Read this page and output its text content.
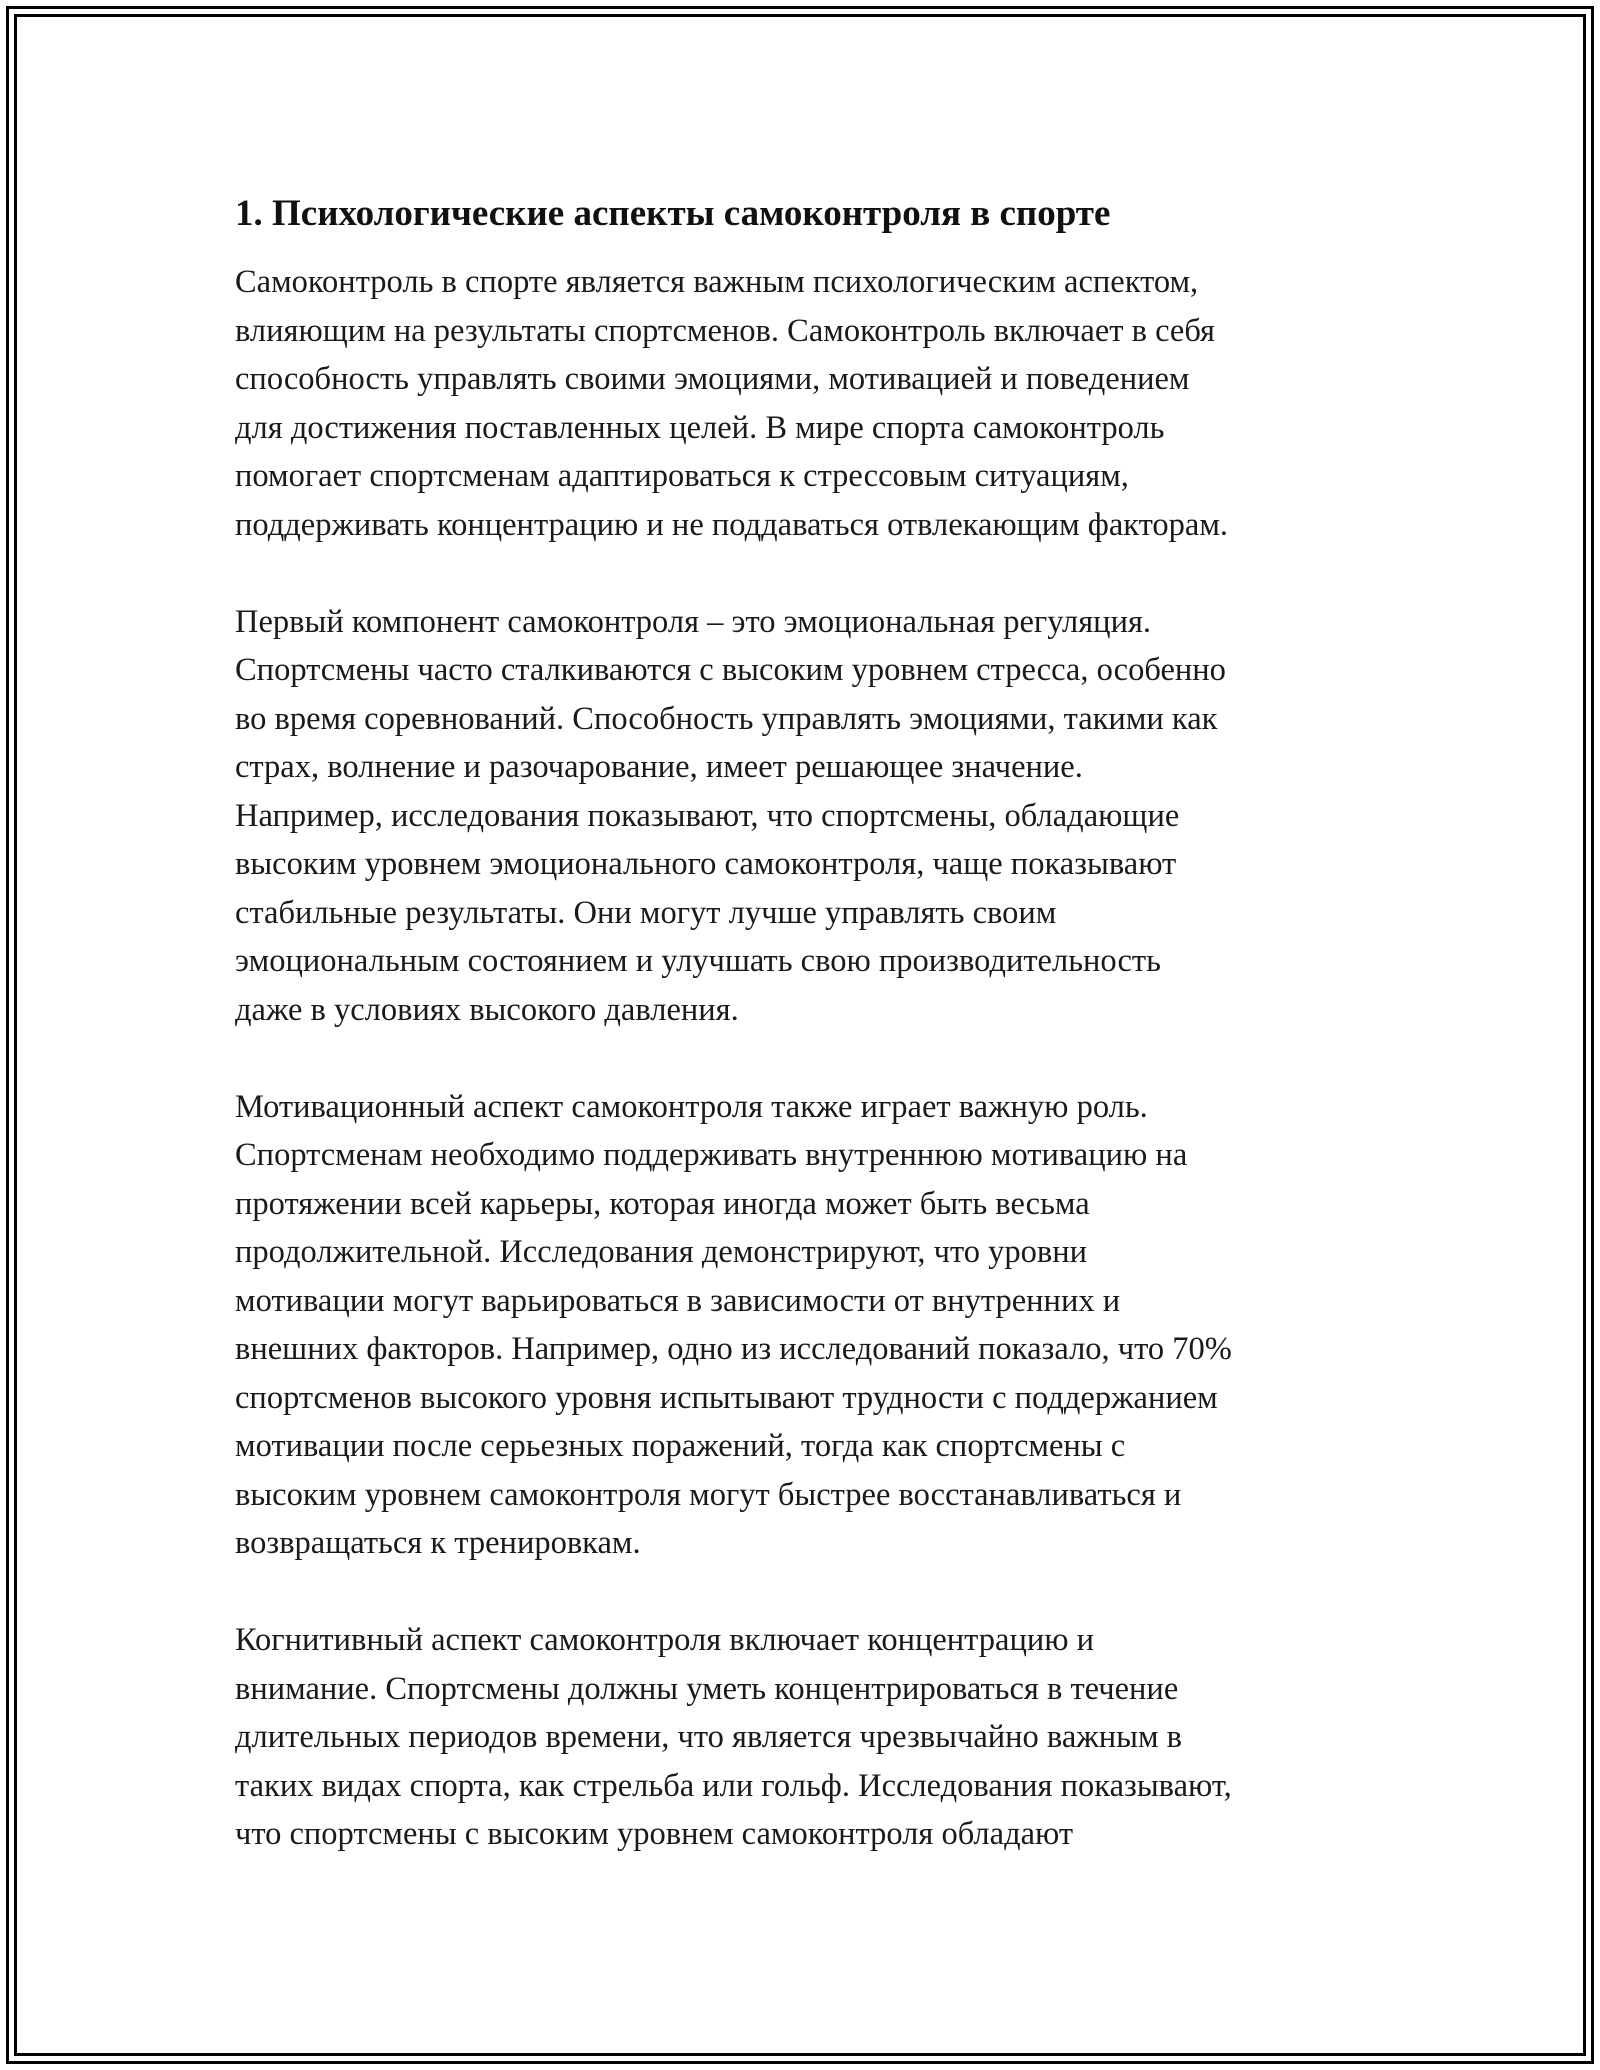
1. Психологические аспекты самоконтроля в спорте
Самоконтроль в спорте является важным психологическим аспектом,
влияющим на результаты спортсменов. Самоконтроль включает в себя
способность управлять своими эмоциями, мотивацией и поведением
для достижения поставленных целей. В мире спорта самоконтроль
помогает спортсменам адаптироваться к стрессовым ситуациям,
поддерживать концентрацию и не поддаваться отвлекающим факторам.
Первый компонент самоконтроля – это эмоциональная регуляция.
Спортсмены часто сталкиваются с высоким уровнем стресса, особенно
во время соревнований. Способность управлять эмоциями, такими как
страх, волнение и разочарование, имеет решающее значение.
Например, исследования показывают, что спортсмены, обладающие
высоким уровнем эмоционального самоконтроля, чаще показывают
стабильные результаты. Они могут лучше управлять своим
эмоциональным состоянием и улучшать свою производительность
даже в условиях высокого давления.
Мотивационный аспект самоконтроля также играет важную роль.
Спортсменам необходимо поддерживать внутреннюю мотивацию на
протяжении всей карьеры, которая иногда может быть весьма
продолжительной. Исследования демонстрируют, что уровни
мотивации могут варьироваться в зависимости от внутренних и
внешних факторов. Например, одно из исследований показало, что 70%
спортсменов высокого уровня испытывают трудности с поддержанием
мотивации после серьезных поражений, тогда как спортсмены с
высоким уровнем самоконтроля могут быстрее восстанавливаться и
возвращаться к тренировкам.
Когнитивный аспект самоконтроля включает концентрацию и
внимание. Спортсмены должны уметь концентрироваться в течение
длительных периодов времени, что является чрезвычайно важным в
таких видах спорта, как стрельба или гольф. Исследования показывают,
что спортсмены с высоким уровнем самоконтроля обладают
